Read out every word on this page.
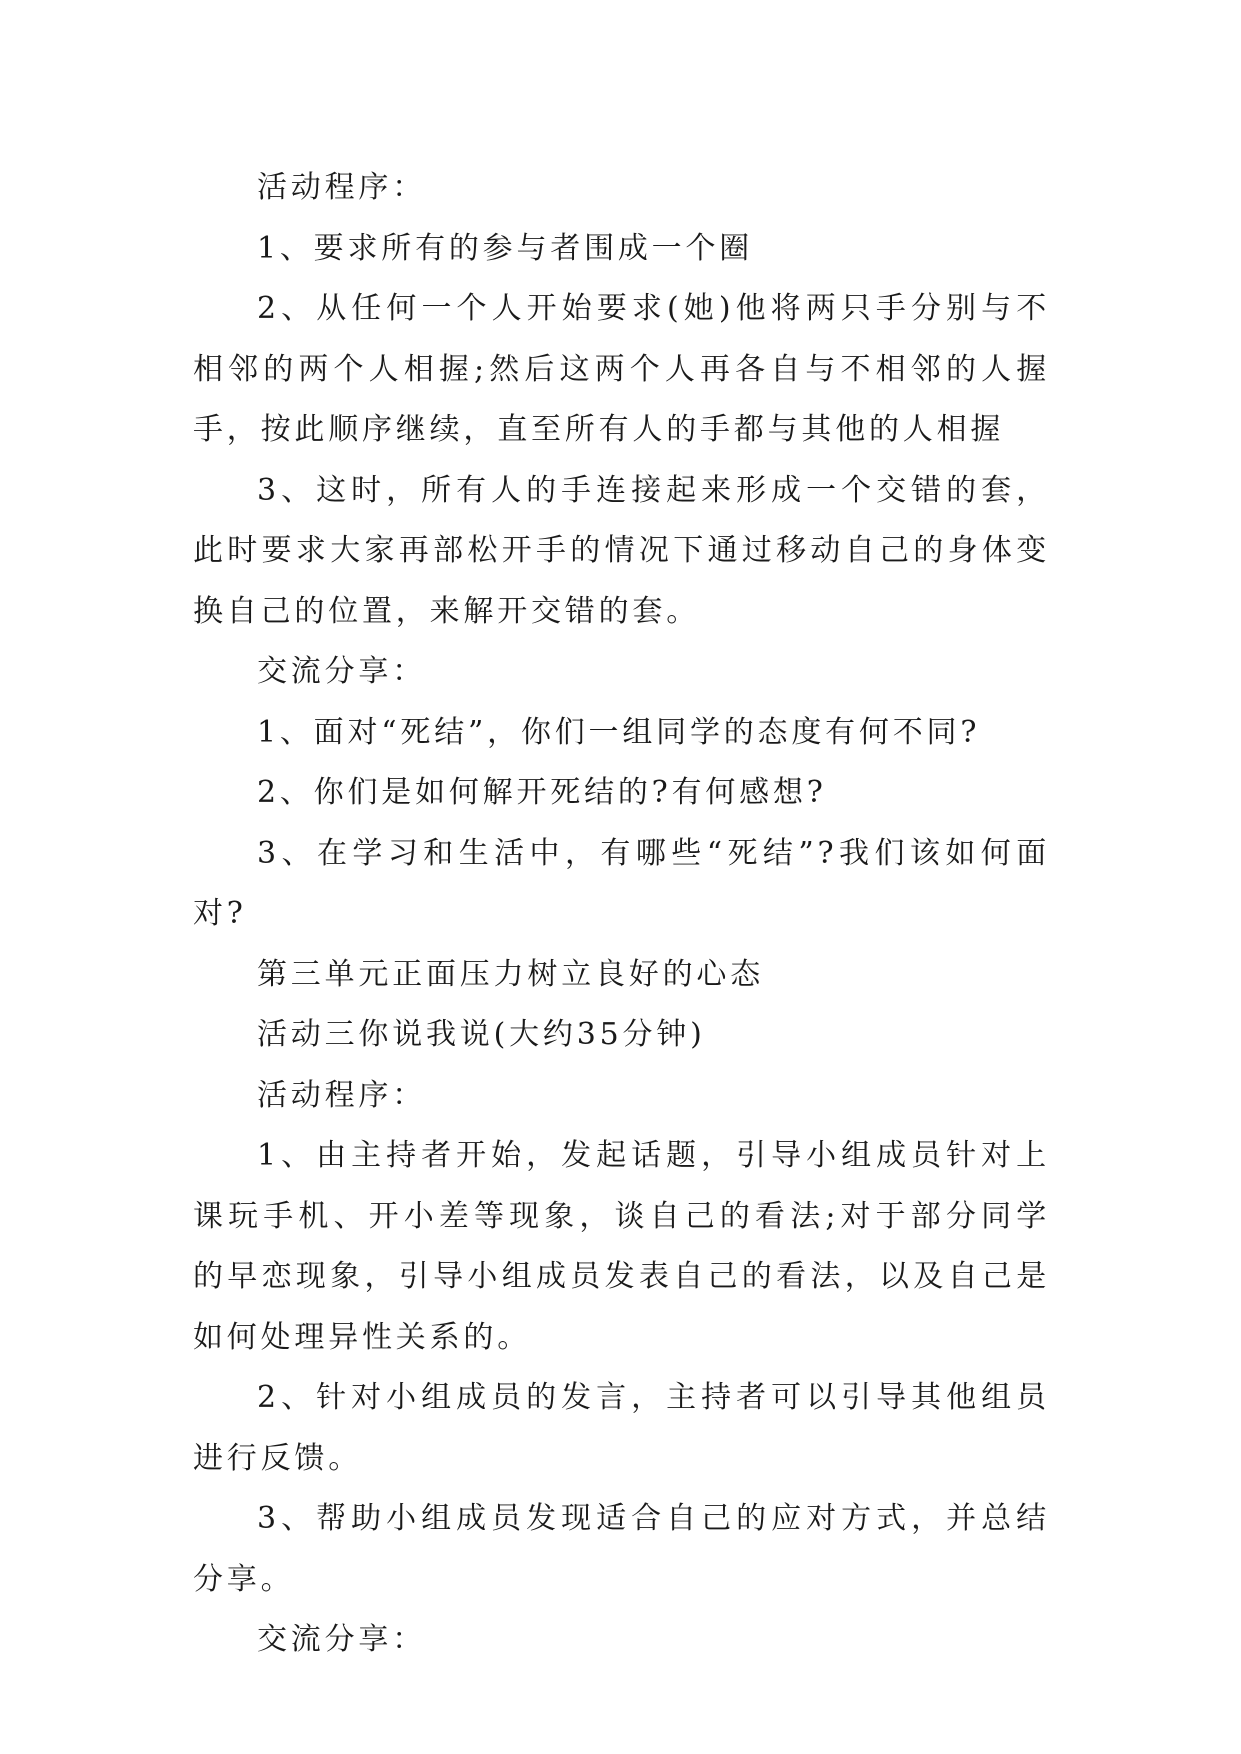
活动程序：

1、要求所有的参与者围成一个圈

2、从任何一个人开始要求(她)他将两只手分别与不相邻的两个人相握;然后这两个人再各自与不相邻的人握手，按此顺序继续，直至所有人的手都与其他的人相握

3、这时，所有人的手连接起来形成一个交错的套，此时要求大家再部松开手的情况下通过移动自己的身体变换自己的位置，来解开交错的套。

交流分享：

1、面对“死结”，你们一组同学的态度有何不同?

2、你们是如何解开死结的?有何感想?

3、在学习和生活中，有哪些“死结”?我们该如何面对?

第三单元正面压力树立良好的心态

活动三你说我说(大约35分钟)

活动程序：

1、由主持者开始，发起话题，引导小组成员针对上课玩手机、开小差等现象，谈自己的看法;对于部分同学的早恋现象，引导小组成员发表自己的看法，以及自己是如何处理异性关系的。

2、针对小组成员的发言，主持者可以引导其他组员进行反馈。

3、帮助小组成员发现适合自己的应对方式，并总结分享。

交流分享：
